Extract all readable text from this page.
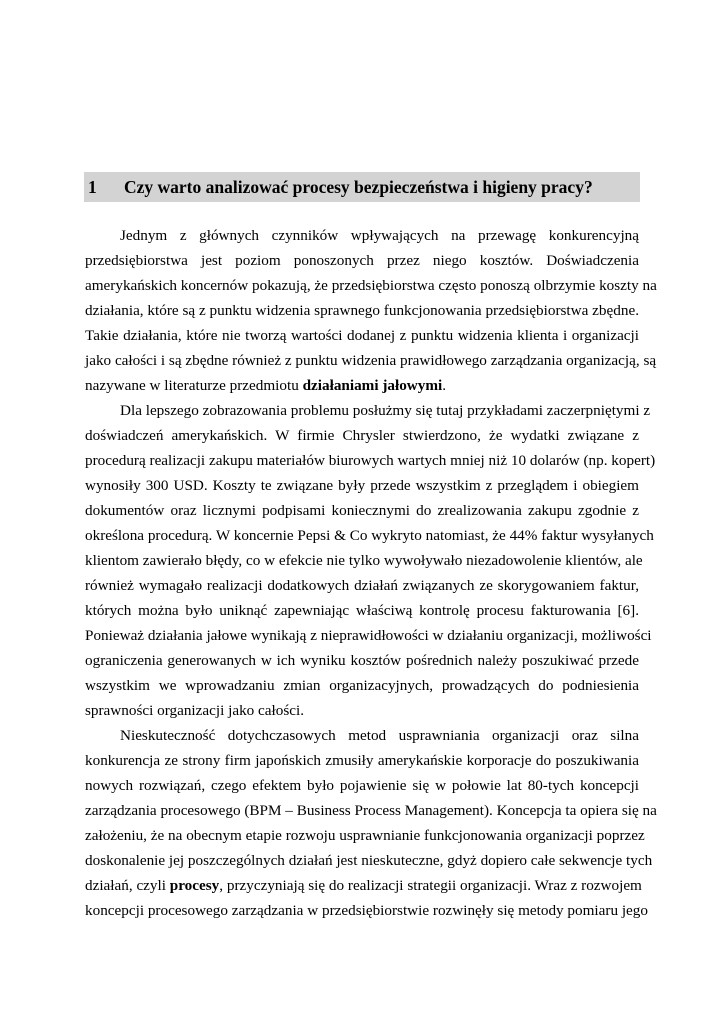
1	Czy warto analizować procesy bezpieczeństwa i higieny pracy?
Jednym z głównych czynników wpływających na przewagę konkurencyjną
przedsiębiorstwa jest poziom ponoszonych przez niego kosztów. Doświadczenia
amerykańskich koncernów pokazują, że przedsiębiorstwa często ponoszą olbrzymie koszty na
działania, które są z punktu widzenia sprawnego funkcjonowania przedsiębiorstwa zbędne.
Takie działania, które nie tworzą wartości dodanej z punktu widzenia klienta i organizacji
jako całości i są zbędne również z punktu widzenia prawidłowego zarządzania organizacją, są
nazywane w literaturze przedmiotu działaniami jałowymi.
Dla lepszego zobrazowania problemu posłużmy się tutaj przykładami zaczerpniętymi z
doświadczeń amerykańskich. W firmie Chrysler stwierdzono, że wydatki związane z
procedurą realizacji zakupu materiałów biurowych wartych mniej niż 10 dolarów (np. kopert)
wynosiły 300 USD. Koszty te związane były przede wszystkim z przeglądem i obiegiem
dokumentów oraz licznymi podpisami koniecznymi do zrealizowania zakupu zgodnie z
określona procedurą. W koncernie Pepsi & Co wykryto natomiast, że 44% faktur wysyłanych
klientom zawierało błędy, co w efekcie nie tylko wywoływało niezadowolenie klientów, ale
również wymagało realizacji dodatkowych działań związanych ze skorygowaniem faktur,
których można było uniknąć zapewniając właściwą kontrolę procesu fakturowania [6].
Ponieważ działania jałowe wynikają z nieprawidłowości w działaniu organizacji, możliwości
ograniczenia generowanych w ich wyniku kosztów pośrednich należy poszukiwać przede
wszystkim we wprowadzaniu zmian organizacyjnych, prowadzących do podniesienia
sprawności organizacji jako całości.
Nieskuteczność dotychczasowych metod usprawniania organizacji oraz silna
konkurencja ze strony firm japońskich zmusiły amerykańskie korporacje do poszukiwania
nowych rozwiązań, czego efektem było pojawienie się w połowie lat 80-tych koncepcji
zarządzania procesowego (BPM – Business Process Management). Koncepcja ta opiera się na
założeniu, że na obecnym etapie rozwoju usprawnianie funkcjonowania organizacji poprzez
doskonalenie jej poszczególnych działań jest nieskuteczne, gdyż dopiero całe sekwencje tych
działań, czyli procesy, przyczyniają się do realizacji strategii organizacji. Wraz z rozwojem
koncepcji procesowego zarządzania w przedsiębiorstwie rozwinęły się metody pomiaru jego
